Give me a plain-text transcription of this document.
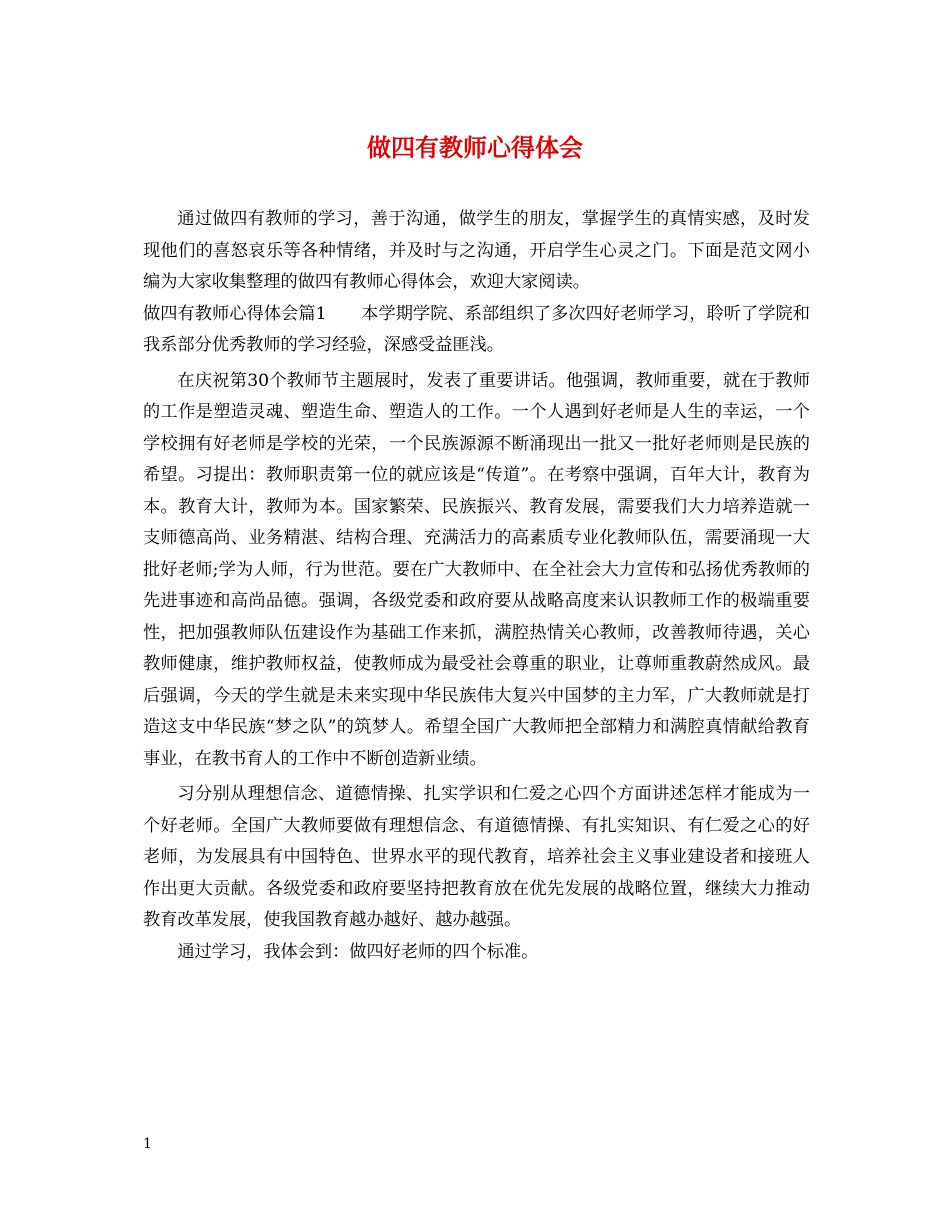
做四有教师心得体会

通过做四有教师的学习，善于沟通，做学生的朋友，掌握学生的真情实感，及时发现他们的喜怒哀乐等各种情绪，并及时与之沟通，开启学生心灵之门。下面是范文网小编为大家收集整理的做四有教师心得体会，欢迎大家阅读。

做四有教师心得体会篇1　　本学期学院、系部组织了多次四好老师学习，聆听了学院和我系部分优秀教师的学习经验，深感受益匪浅。

在庆祝第30个教师节主题展时，发表了重要讲话。他强调，教师重要，就在于教师的工作是塑造灵魂、塑造生命、塑造人的工作。一个人遇到好老师是人生的幸运，一个学校拥有好老师是学校的光荣，一个民族源源不断涌现出一批又一批好老师则是民族的希望。习提出：教师职责第一位的就应该是“传道”。在考察中强调，百年大计，教育为本。教育大计，教师为本。国家繁荣、民族振兴、教育发展，需要我们大力培养造就一支师德高尚、业务精湛、结构合理、充满活力的高素质专业化教师队伍，需要涌现一大批好老师;学为人师，行为世范。要在广大教师中、在全社会大力宣传和弘扬优秀教师的先进事迹和高尚品德。强调，各级党委和政府要从战略高度来认识教师工作的极端重要性，把加强教师队伍建设作为基础工作来抓，满腔热情关心教师，改善教师待遇，关心教师健康，维护教师权益，使教师成为最受社会尊重的职业，让尊师重教蔚然成风。最后强调，今天的学生就是未来实现中华民族伟大复兴中国梦的主力军，广大教师就是打造这支中华民族“梦之队”的筑梦人。希望全国广大教师把全部精力和满腔真情献给教育事业，在教书育人的工作中不断创造新业绩。

习分别从理想信念、道德情操、扎实学识和仁爱之心四个方面讲述怎样才能成为一个好老师。全国广大教师要做有理想信念、有道德情操、有扎实知识、有仁爱之心的好老师，为发展具有中国特色、世界水平的现代教育，培养社会主义事业建设者和接班人作出更大贡献。各级党委和政府要坚持把教育放在优先发展的战略位置，继续大力推动教育改革发展，使我国教育越办越好、越办越强。

通过学习，我体会到：做四好老师的四个标准。

1
